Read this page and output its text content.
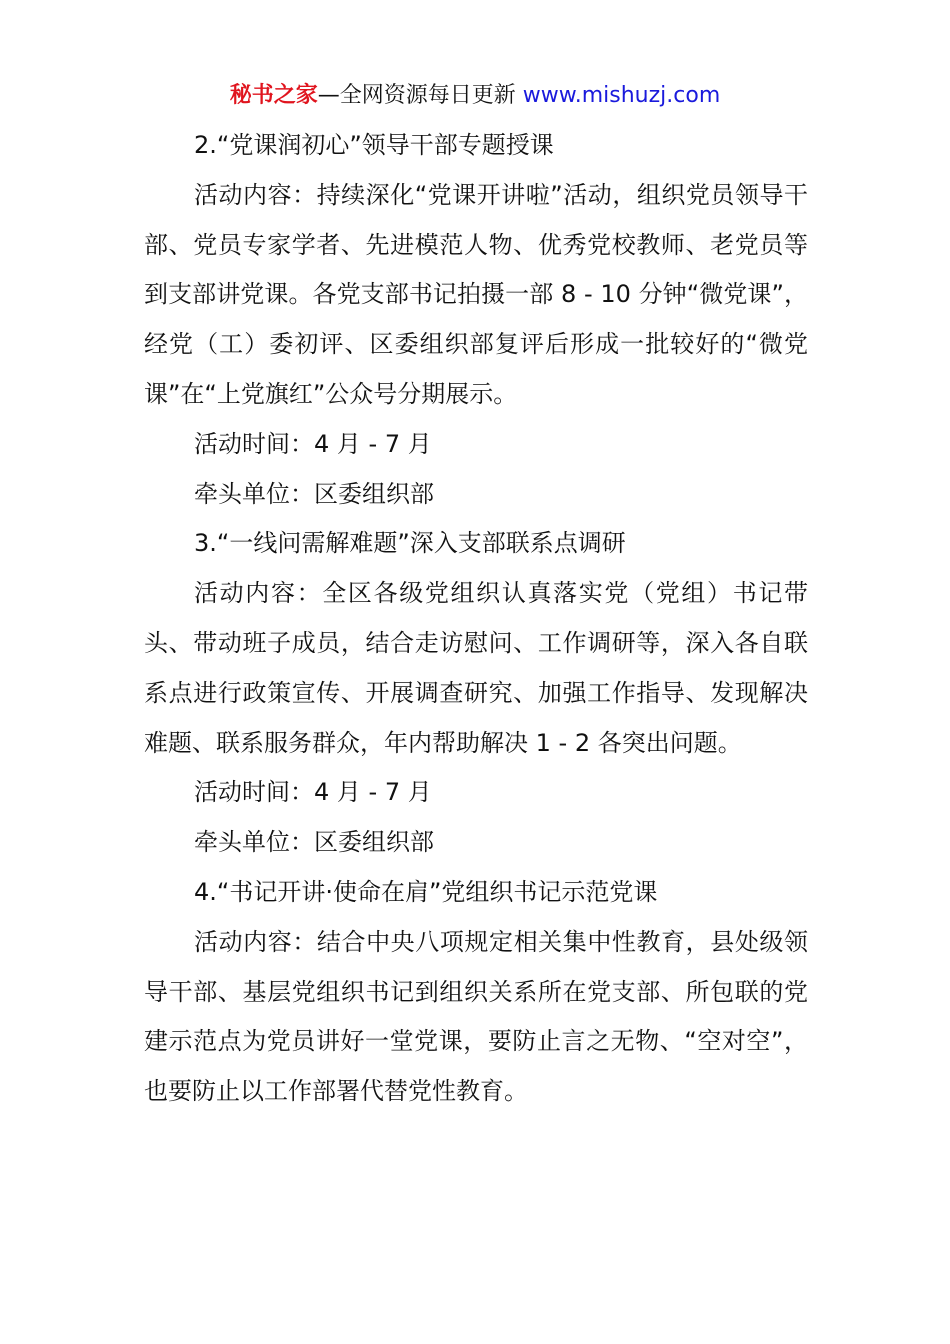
秘书之家—全网资源每日更新 www.mishuzj.com

2.“党课润初心”领导干部专题授课

活动内容：持续深化“党课开讲啦”活动，组织党员领导干部、党员专家学者、先进模范人物、优秀党校教师、老党员等到支部讲党课。各党支部书记拍摄一部 8 - 10 分钟“微党课”，经党（工）委初评、区委组织部复评后形成一批较好的“微党课”在“上党旗红”公众号分期展示。

活动时间：4 月 - 7 月

牵头单位：区委组织部

3.“一线问需解难题”深入支部联系点调研

活动内容：全区各级党组织认真落实党（党组）书记带头、带动班子成员，结合走访慰问、工作调研等，深入各自联系点进行政策宣传、开展调查研究、加强工作指导、发现解决难题、联系服务群众，年内帮助解决 1 - 2 各突出问题。

活动时间：4 月 - 7 月

牵头单位：区委组织部

4.“书记开讲·使命在肩”党组织书记示范党课

活动内容：结合中央八项规定相关集中性教育，县处级领导干部、基层党组织书记到组织关系所在党支部、所包联的党建示范点为党员讲好一堂党课，要防止言之无物、“空对空”，也要防止以工作部署代替党性教育。
